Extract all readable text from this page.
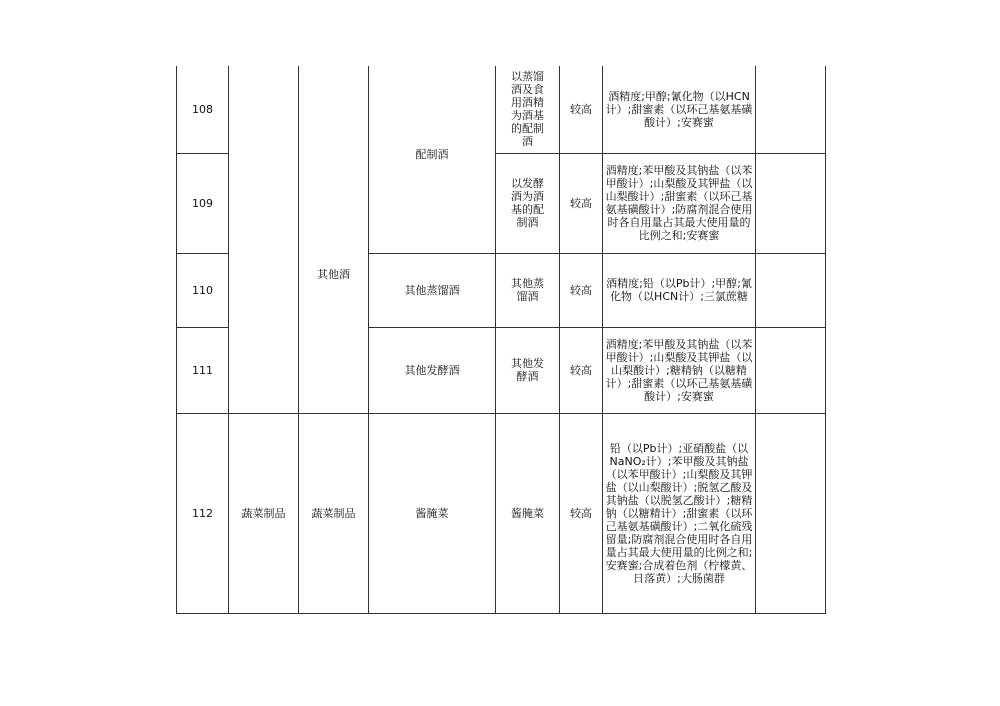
108		其他酒	配制酒	以蒸馏酒及食用酒精为酒基的配制酒	较高	酒精度;甲醇;氰化物（以HCN计）;甜蜜素（以环己基氨基磺酸计）;安赛蜜	
109				以发酵酒为酒基的配制酒	较高	酒精度;苯甲酸及其钠盐（以苯甲酸计）;山梨酸及其钾盐（以山梨酸计）;甜蜜素（以环己基氨基磺酸计）;防腐剂混合使用时各自用量占其最大使用量的比例之和;安赛蜜	
110			其他蒸馏酒	其他蒸馏酒	较高	酒精度;铅（以Pb计）;甲醇;氰化物（以HCN计）;三氯蔗糖	
111			其他发酵酒	其他发酵酒	较高	酒精度;苯甲酸及其钠盐（以苯甲酸计）;山梨酸及其钾盐（以山梨酸计）;糖精钠（以糖精计）;甜蜜素（以环己基氨基磺酸计）;安赛蜜	
112	蔬菜制品	蔬菜制品	酱腌菜	酱腌菜	较高	铅（以Pb计）;亚硝酸盐（以NaNO₂计）;苯甲酸及其钠盐（以苯甲酸计）;山梨酸及其钾盐（以山梨酸计）;脱氢乙酸及其钠盐（以脱氢乙酸计）;糖精钠（以糖精计）;甜蜜素（以环己基氨基磺酸计）;二氧化硫残留量;防腐剂混合使用时各自用量占其最大使用量的比例之和;安赛蜜;合成着色剂（柠檬黄、日落黄）;大肠菌群	
